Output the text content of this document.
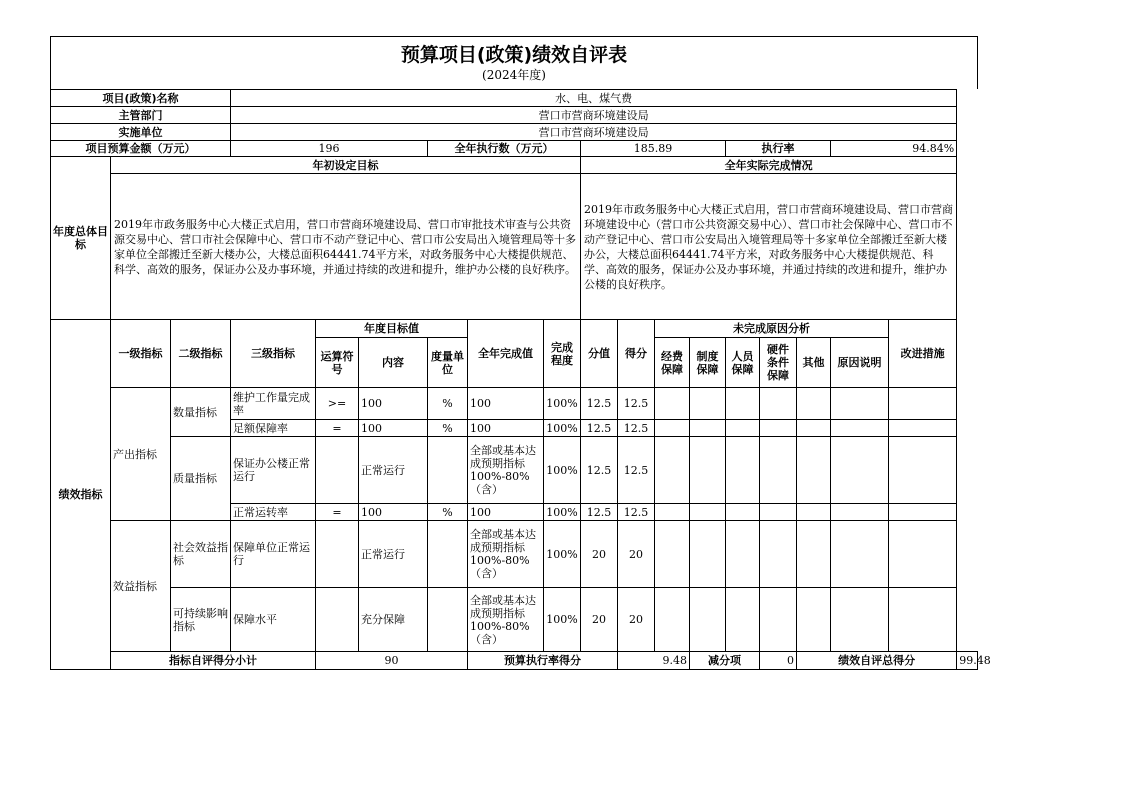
预算项目(政策)绩效自评表
(2024年度)
项目(政策)名称			水、电、煤气费															
主管部门			营口市营商环境建设局															
实施单位			营口市营商环境建设局															
项目预算金额（万元）			196			全年执行数（万元）			185.89				执行率			94.84%		
年度总体目标	年初设定目标								全年实际完成情况									
	2019年市政务服务中心大楼正式启用，营口市营商环境建设局、营口市审批技术审查与公共资源交易中心、营口市社会保障中心、营口市不动产登记中心、营口市公安局出入境管理局等十多家单位全部搬迁至新大楼办公，大楼总面积64441.74平方米，对政务服务中心大楼提供规范、科学、高效的服务，保证办公及办事环境，并通过持续的改进和提升，维护办公楼的良好秩序。								2019年市政务服务中心大楼正式启用，营口市营商环境建设局、营口市营商环境建设中心（营口市公共资源交易中心）、营口市社会保障中心、营口市不动产登记中心、营口市公安局出入境管理局等十多家单位全部搬迁至新大楼办公，大楼总面积64441.74平方米，对政务服务中心大楼提供规范、科学、高效的服务，保证办公及办事环境，并通过持续的改进和提升，维护办公楼的良好秩序。									
绩效指标	一级指标	二级指标	三级指标	年度目标值			全年完成值	完成程度	分值	得分	未完成原因分析						改进措施	
				运算符号	内容	度量单位					经费保障	制度保障	人员保障	硬件条件保障	其他	原因说明		
	产出指标	数量指标	维护工作量完成率	>=	100	%	100	100%	12.5	12.5								
			足额保障率	=	100	%	100	100%	12.5	12.5								
		质量指标	保证办公楼正常运行		正常运行		全部或基本达成预期指标100%-80%（含）	100%	12.5	12.5								
			正常运转率	=	100	%	100	100%	12.5	12.5								
	效益指标	社会效益指标	保障单位正常运行		正常运行		全部或基本达成预期指标100%-80%（含）	100%	20	20								
		可持续影响指标	保障水平		充分保障		全部或基本达成预期指标100%-80%（含）	100%	20	20								
	指标自评得分小计			90			预算执行率得分			9.48		减分项		0	绩效自评总得分			99.48
